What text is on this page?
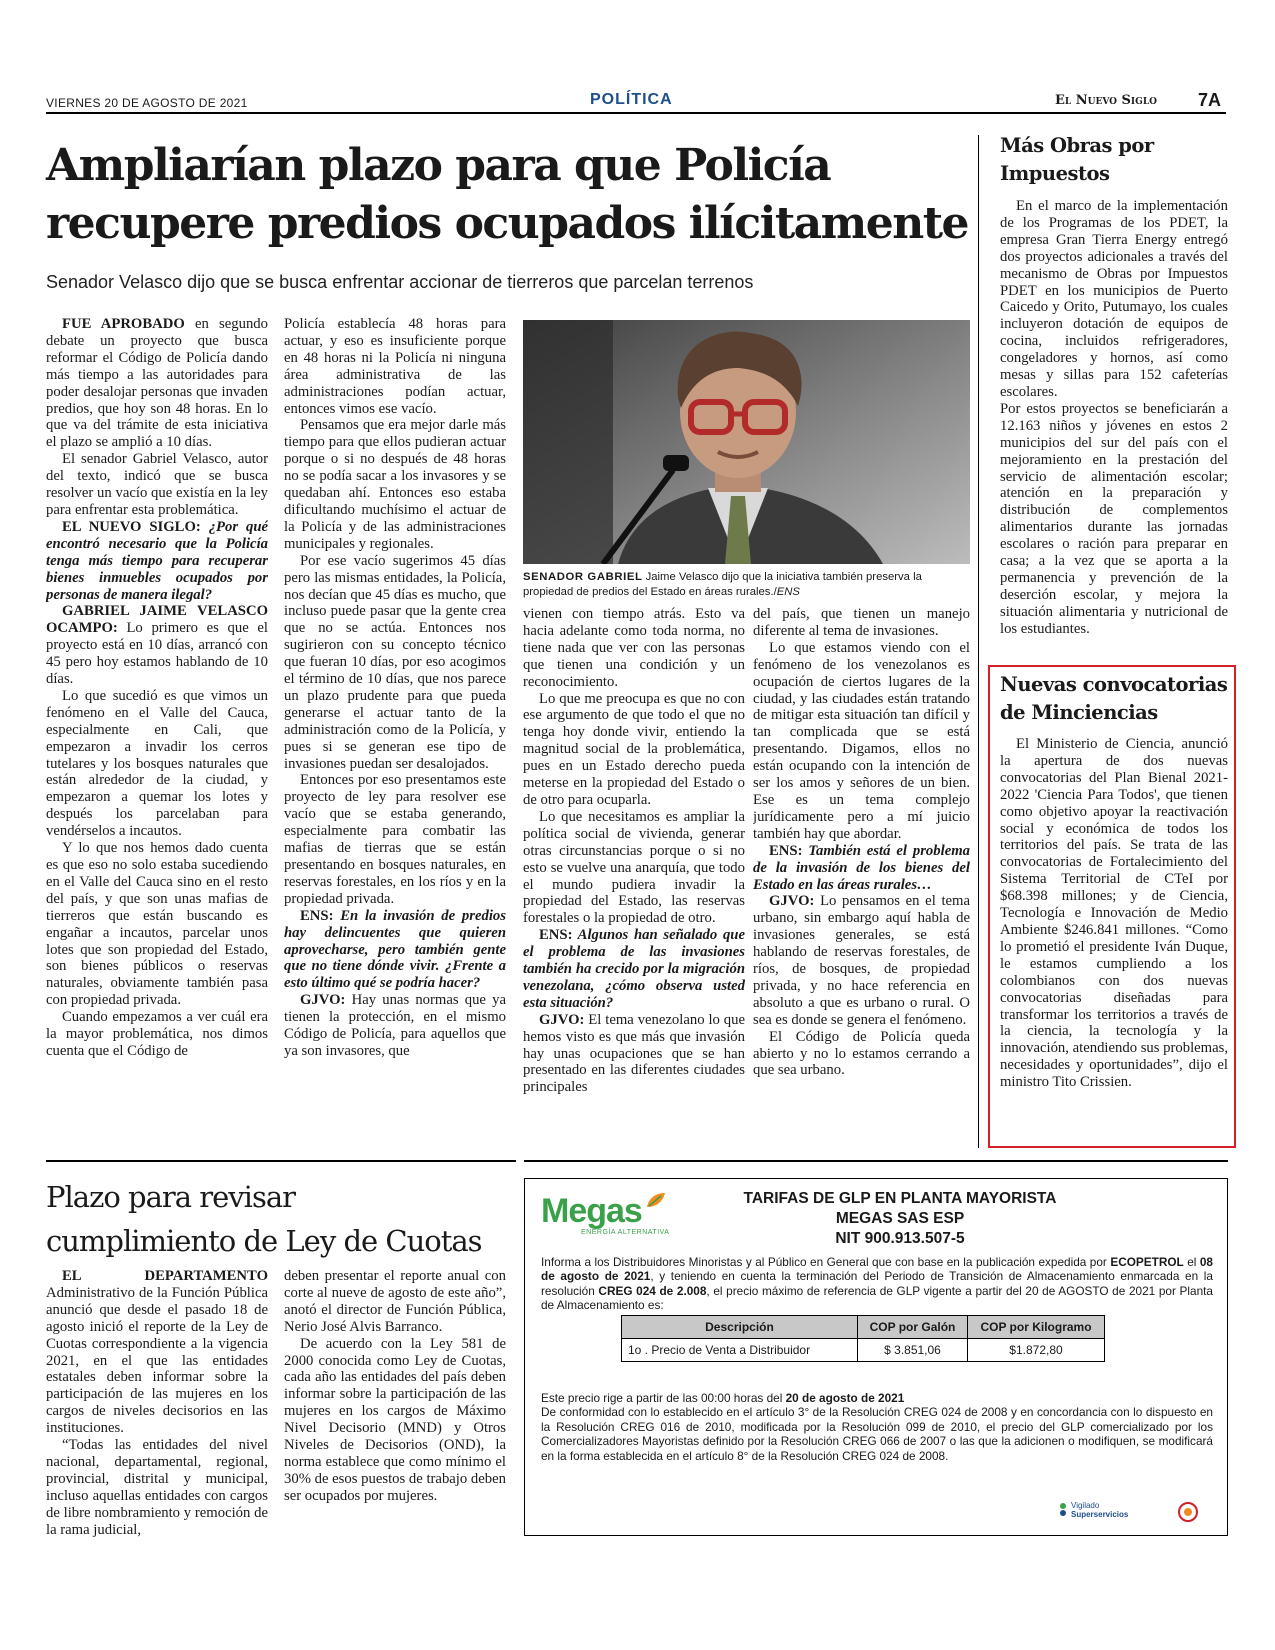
VIERNES 20 DE AGOSTO DE 2021	POLÍTICA	El Nuevo Siglo 7A
Ampliarían plazo para que Policía
recupere predios ocupados ilícitamente
Senador Velasco dijo que se busca enfrentar accionar de tierreros que parcelan terrenos

FUE APROBADO en segundo debate un proyecto que busca reformar el Código de Policía dando más tiempo a las autoridades para poder desalojar personas que invaden predios, que hoy son 48 horas. En lo que va del trámite de esta iniciativa el plazo se amplió a 10 días.

El senador Gabriel Velasco, autor del texto, indicó que se busca resolver un vacío que existía en la ley para enfrentar esta problemática.

EL NUEVO SIGLO: ¿Por qué encontró necesario que la Policía tenga más tiempo para recuperar bienes inmuebles ocupados por personas de manera ilegal?

GABRIEL JAIME VELASCO OCAMPO: Lo primero es que el proyecto está en 10 días, arrancó con 45 pero hoy estamos hablando de 10 días.

Lo que sucedió es que vimos un fenómeno en el Valle del Cauca, especialmente en Cali, que empezaron a invadir los cerros tutelares y los bosques naturales que están alrededor de la ciudad, y empezaron a quemar los lotes y después los parcelaban para vendérselos a incautos.

Y lo que nos hemos dado cuenta es que eso no solo estaba sucediendo en el Valle del Cauca sino en el resto del país, y que son unas mafias de tierreros que están buscando es engañar a incautos, parcelar unos lotes que son propiedad del Estado, son bienes públicos o reservas naturales, obviamente también pasa con propiedad privada.

Cuando empezamos a ver cuál era la mayor problemática, nos dimos cuenta que el Código de

Policía establecía 48 horas para actuar, y eso es insuficiente porque en 48 horas ni la Policía ni ninguna área administrativa de las administraciones podían actuar, entonces vimos ese vacío.

Pensamos que era mejor darle más tiempo para que ellos pudieran actuar porque o si no después de 48 horas no se podía sacar a los invasores y se quedaban ahí. Entonces eso estaba dificultando muchísimo el actuar de la Policía y de las administraciones municipales y regionales.

Por ese vacío sugerimos 45 días pero las mismas entidades, la Policía, nos decían que 45 días es mucho, que incluso puede pasar que la gente crea que no se actúa. Entonces nos sugirieron con su concepto técnico que fueran 10 días, por eso acogimos el término de 10 días, que nos parece un plazo prudente para que pueda generarse el actuar tanto de la administración como de la Policía, y pues si se generan ese tipo de invasiones puedan ser desalojados.

Entonces por eso presentamos este proyecto de ley para resolver ese vacío que se estaba generando, especialmente para combatir las mafias de tierras que se están presentando en bosques naturales, en reservas forestales, en los ríos y en la propiedad privada.

ENS: En la invasión de predios hay delincuentes que quieren aprovecharse, pero también gente que no tiene dónde vivir. ¿Frente a esto último qué se podría hacer?

GJVO: Hay unas normas que ya tienen la protección, en el mismo Código de Policía, para aquellos que ya son invasores, que

SENADOR GABRIEL Jaime Velasco dijo que la iniciativa también preserva la propiedad de predios del Estado en áreas rurales./ENS

vienen con tiempo atrás. Esto va hacia adelante como toda norma, no tiene nada que ver con las personas que tienen una condición y un reconocimiento.

Lo que me preocupa es que no con ese argumento de que todo el que no tenga hoy donde vivir, entiendo la magnitud social de la problemática, pues en un Estado derecho pueda meterse en la propiedad del Estado o de otro para ocuparla.

Lo que necesitamos es ampliar la política social de vivienda, generar otras circunstancias porque o si no esto se vuelve una anarquía, que todo el mundo pudiera invadir la propiedad del Estado, las reservas forestales o la propiedad de otro.

ENS: Algunos han señalado que el problema de las invasiones también ha crecido por la migración venezolana, ¿cómo observa usted esta situación?

GJVO: El tema venezolano lo que hemos visto es que más que invasión hay unas ocupaciones que se han presentado en las diferentes ciudades principales

del país, que tienen un manejo diferente al tema de invasiones.

Lo que estamos viendo con el fenómeno de los venezolanos es ocupación de ciertos lugares de la ciudad, y las ciudades están tratando de mitigar esta situación tan difícil y tan complicada que se está presentando. Digamos, ellos no están ocupando con la intención de ser los amos y señores de un bien. Ese es un tema complejo jurídicamente pero a mí juicio también hay que abordar.

ENS: También está el problema de la invasión de los bienes del Estado en las áreas rurales…

GJVO: Lo pensamos en el tema urbano, sin embargo aquí habla de invasiones generales, se está hablando de reservas forestales, de ríos, de bosques, de propiedad privada, y no hace referencia en absoluto a que es urbano o rural. O sea es donde se genera el fenómeno.

El Código de Policía queda abierto y no lo estamos cerrando a que sea urbano.

Más Obras por Impuestos

En el marco de la implementación de los Programas de los PDET, la empresa Gran Tierra Energy entregó dos proyectos adicionales a través del mecanismo de Obras por Impuestos PDET en los municipios de Puerto Caicedo y Orito, Putumayo, los cuales incluyeron dotación de equipos de cocina, incluidos refrigeradores, congeladores y hornos, así como mesas y sillas para 152 cafeterías escolares.

Por estos proyectos se beneficiarán a 12.163 niños y jóvenes en estos 2 municipios del sur del país con el mejoramiento en la prestación del servicio de alimentación escolar; atención en la preparación y distribución de complementos alimentarios durante las jornadas escolares o ración para preparar en casa; a la vez que se aporta a la permanencia y prevención de la deserción escolar, y mejora la situación alimentaria y nutricional de los estudiantes.

Nuevas convocatorias de Minciencias

El Ministerio de Ciencia, anunció la apertura de dos nuevas convocatorias del Plan Bienal 2021-2022 'Ciencia Para Todos', que tienen como objetivo apoyar la reactivación social y económica de todos los territorios del país. Se trata de las convocatorias de Fortalecimiento del Sistema Territorial de CTeI por $68.398 millones; y de Ciencia, Tecnología e Innovación de Medio Ambiente $246.841 millones. “Como lo prometió el presidente Iván Duque, le estamos cumpliendo a los colombianos con dos nuevas convocatorias diseñadas para transformar los territorios a través de la ciencia, la tecnología y la innovación, atendiendo sus problemas, necesidades y oportunidades”, dijo el ministro Tito Crissien.

Plazo para revisar
cumplimiento de Ley de Cuotas

EL DEPARTAMENTO Administrativo de la Función Pública anunció que desde el pasado 18 de agosto inició el reporte de la Ley de Cuotas correspondiente a la vigencia 2021, en el que las entidades estatales deben informar sobre la participación de las mujeres en los cargos de niveles decisorios en las instituciones.

“Todas las entidades del nivel nacional, departamental, regional, provincial, distrital y municipal, incluso aquellas entidades con cargos de libre nombramiento y remoción de la rama judicial,

deben presentar el reporte anual con corte al nueve de agosto de este año”, anotó el director de Función Pública, Nerio José Alvis Barranco.

De acuerdo con la Ley 581 de 2000 conocida como Ley de Cuotas, cada año las entidades del país deben informar sobre la participación de las mujeres en los cargos de Máximo Nivel Decisorio (MND) y Otros Niveles de Decisorios (OND), la norma establece que como mínimo el 30% de esos puestos de trabajo deben ser ocupados por mujeres.

Megas
ENERGÍA ALTERNATIVA
TARIFAS DE GLP EN PLANTA MAYORISTA
MEGAS SAS ESP
NIT 900.913.507-5
Informa a los Distribuidores Minoristas y al Público en General que con base en la publicación expedida por ECOPETROL el 08 de agosto de 2021, y teniendo en cuenta la terminación del Periodo de Transición de Almacenamiento enmarcada en la resolución CREG 024 de 2.008, el precio máximo de referencia de GLP vigente a partir del 20 de AGOSTO de 2021 por Planta de Almacenamiento es:
Descripción	COP por Galón	COP por Kilogramo
1o . Precio de Venta a Distribuidor	$ 3.851,06	$1.872,80
Este precio rige a partir de las 00:00 horas del 20 de agosto de 2021
De conformidad con lo establecido en el artículo 3° de la Resolución CREG 024 de 2008 y en concordancia con lo dispuesto en la Resolución CREG 016 de 2010, modificada por la Resolución 099 de 2010, el precio del GLP comercializado por los Comercializadores Mayoristas definido por la Resolución CREG 066 de 2007 o las que la adicionen o modifiquen, se modificará en la forma establecida en el artículo 8° de la Resolución CREG 024 de 2008.
Vigilado
Superservicios
